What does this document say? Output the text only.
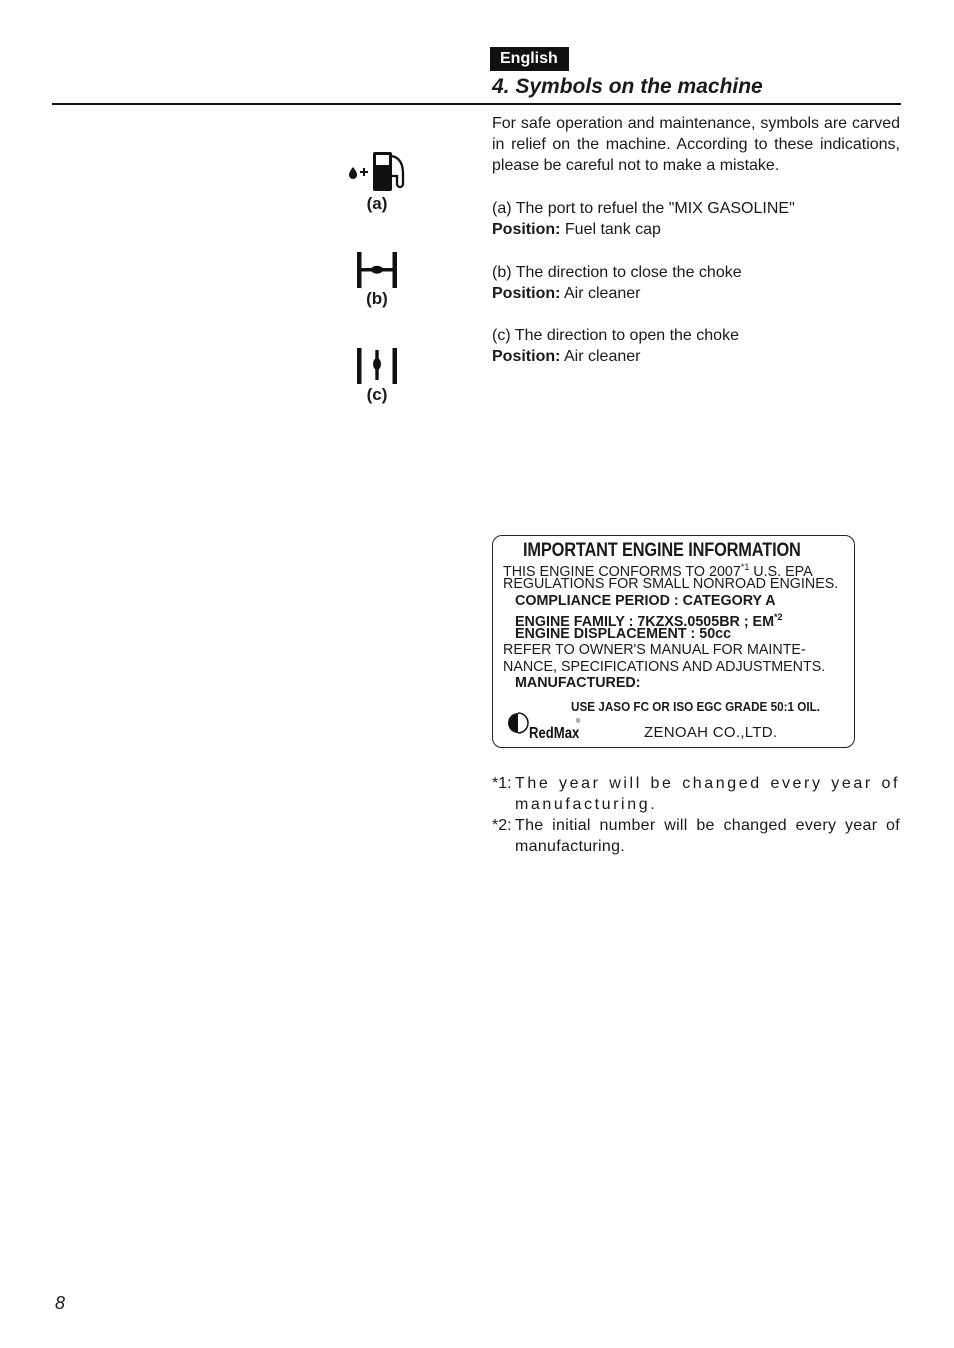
English
4. Symbols on the machine
(a)
(b)
(c)

For safe operation and maintenance, symbols are carved in relief on the machine. According to these indications, please be careful not to make a mistake.

(a) The port to refuel the "MIX GASOLINE"

Position: Fuel tank cap

(b) The direction to close the choke

Position: Air cleaner

(c) The direction to open the choke

Position: Air cleaner

IMPORTANT ENGINE INFORMATION
THIS ENGINE CONFORMS TO 2007$^{*1}$ U.S. EPA
REGULATIONS FOR SMALL NONROAD ENGINES.
COMPLIANCE PERIOD : CATEGORY A
ENGINE FAMILY : 7KZXS.0505BR ; EM$^{*2}$
ENGINE DISPLACEMENT : 50cc
REFER TO OWNER'S MANUAL FOR MAINTE-
NANCE, SPECIFICATIONS AND ADJUSTMENTS.
MANUFACTURED:
USE JASO FC OR ISO EGC GRADE 50:1 OIL.
RedMax
®
ZENOAH CO.,LTD.
*1: The year will be changed every year of manufacturing.
*2: The initial number will be changed every year of manufacturing.
8
